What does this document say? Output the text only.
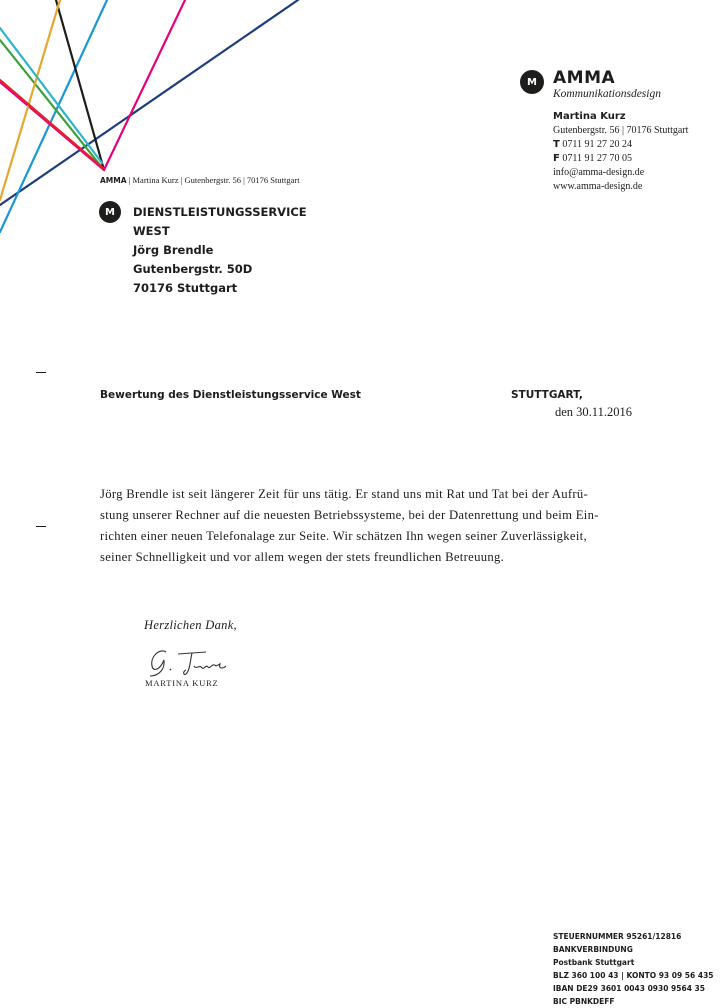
M AMMA
Kommunikationsdesign
Martina Kurz
Gutenbergstr. 56 | 70176 Stuttgart
T 0711 91 27 20 24
F 0711 91 27 70 05
info@amma-design.de
www.amma-design.de
AMMA | Martina Kurz | Gutenbergstr. 56 | 70176 Stuttgart
M	DIENSTLEISTUNGSSERVICE
WEST
Jörg Brendle
Gutenbergstr. 50D
70176 Stuttgart
Bewertung des Dienstleistungsservice West	STUTTGART,
den 30.11.2016
Jörg Brendle ist seit längerer Zeit für uns tätig. Er stand uns mit Rat und Tat bei der Aufrü-
stung unserer Rechner auf die neuesten Betriebssysteme, bei der Datenrettung und beim Ein-
richten einer neuen Telefonalage zur Seite. Wir schätzen Ihn wegen seiner Zuverlässigkeit,
seiner Schnelligkeit und vor allem wegen der stets freundlichen Betreuung.
Herzlichen Dank,
MARTINA KURZ
STEUERNUMMER 95261/12816
BANKVERBINDUNG
Postbank Stuttgart
BLZ 360 100 43 | KONTO 93 09 56 435
IBAN DE29 3601 0043 0930 9564 35
BIC PBNKDEFF
